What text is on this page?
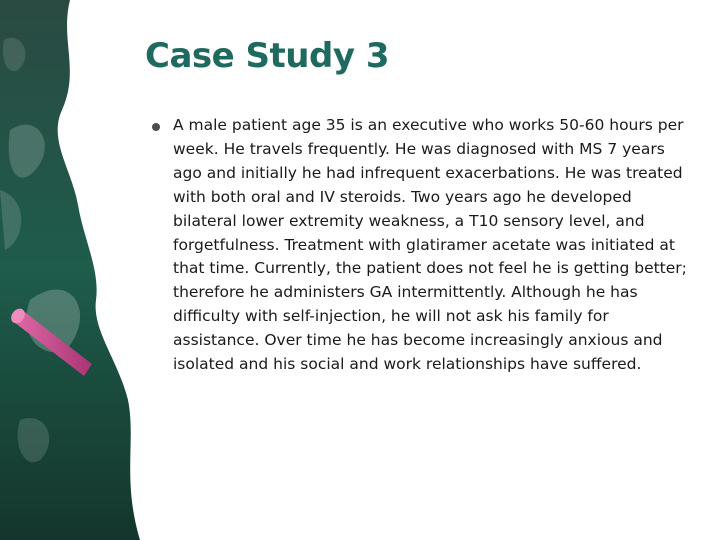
Case Study 3
A male patient age 35 is an executive who works 50-60 hours per week. He travels frequently. He was diagnosed with MS 7 years ago and initially he had infrequent exacerbations. He was treated with both oral and IV steroids. Two years ago he developed bilateral lower extremity weakness, a T10 sensory level, and forgetfulness. Treatment with glatiramer acetate was initiated at that time. Currently, the patient does not feel he is getting better; therefore he administers GA intermittently. Although he has difficulty with self-injection, he will not ask his family for assistance. Over time he has become increasingly anxious and isolated and his social and work relationships have suffered.
